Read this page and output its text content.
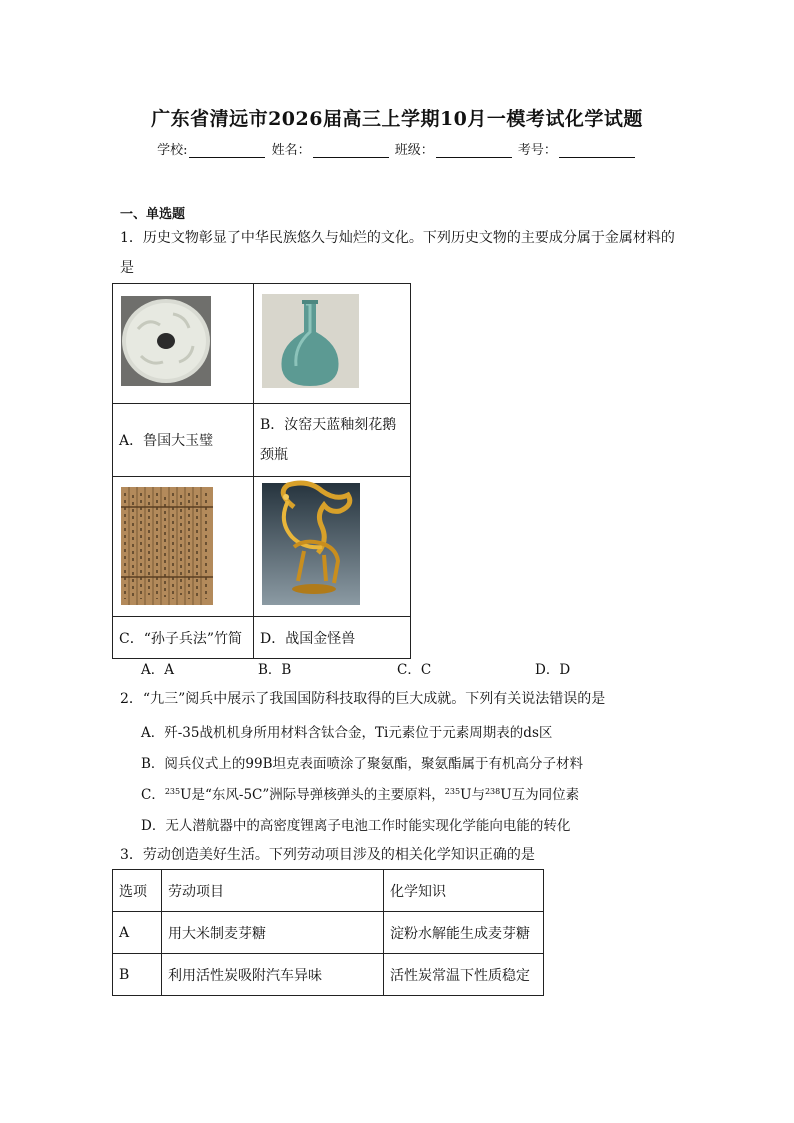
广东省清远市2026届高三上学期10月一模考试化学试题
学校:	姓名：	班级：	考号：
一、单选题
1．历史文物彰显了中华民族悠久与灿烂的文化。下列历史文物的主要成分属于金属材料的
是

A．鲁国大玉璧	B．汝窑天蓝釉刻花鹅
颈瓶

C．“孙子兵法”竹简	D．战国金怪兽
A．A	B．B	C．C	D．D
2．“九三”阅兵中展示了我国国防科技取得的巨大成就。下列有关说法错误的是
A．歼-35战机机身所用材料含钛合金，Ti元素位于元素周期表的ds区
B．阅兵仪式上的99B坦克表面喷涂了聚氨酯，聚氨酯属于有机高分子材料
C．$^{235}$U是“东风-5C”洲际导弹核弹头的主要原料，$^{235}$U与$^{238}$U互为同位素
D．无人潜航器中的高密度锂离子电池工作时能实现化学能向电能的转化
3．劳动创造美好生活。下列劳动项目涉及的相关化学知识正确的是
选项	劳动项目	化学知识
A	用大米制麦芽糖	淀粉水解能生成麦芽糖
B	利用活性炭吸附汽车异味	活性炭常温下性质稳定
